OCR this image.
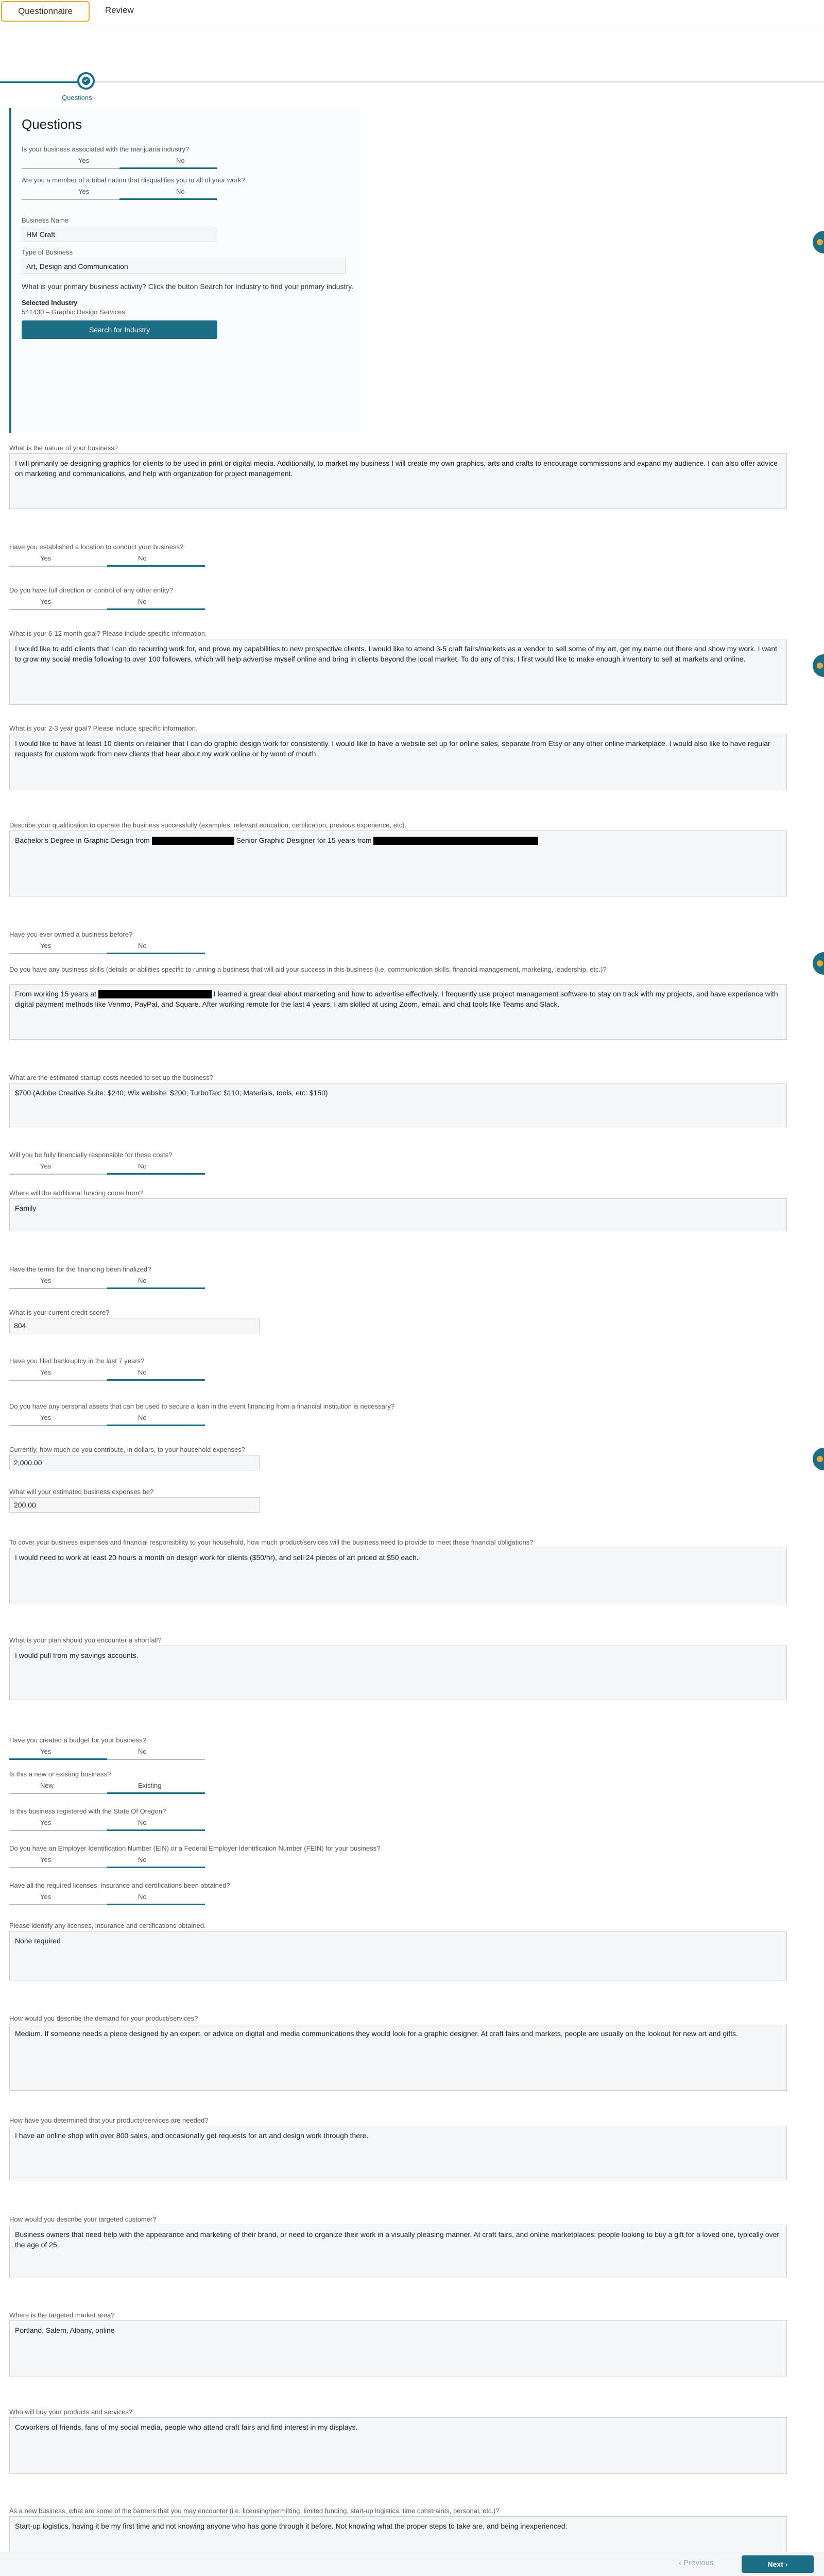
Questionnaire	Review
✔
Questions
Questions
Is your business associated with the marijuana industry?
Yes	No
Are you a member of a tribal nation that disqualifies you to all of your work?
Yes	No
Business Name
HM Craft
Type of Business
Art, Design and Communication
What is your primary business activity? Click the button Search for Industry to find your primary industry.
Selected Industry
541430 – Graphic Design Services
Search for Industry
What is the nature of your business?
I will primarily be designing graphics for clients to be used in print or digital media. Additionally, to market my business I will create my own graphics, arts and crafts to encourage commissions and expand my audience. I can also offer advice on marketing and communications, and help with organization for project management.
Have you established a location to conduct your business?
Yes	No
Do you have full direction or control of any other entity?
Yes	No
What is your 6-12 month goal? Please include specific information.
I would like to add clients that I can do recurring work for, and prove my capabilities to new prospective clients. I would like to attend 3-5 craft fairs/markets as a vendor to sell some of my art, get my name out there and show my work. I want to grow my social media following to over 100 followers, which will help advertise myself online and bring in clients beyond the local market. To do any of this, I first would like to make enough inventory to sell at markets and online.
What is your 2-3 year goal? Please include specific information.
I would like to have at least 10 clients on retainer that I can do graphic design work for consistently. I would like to have a website set up for online sales, separate from Etsy or any other online marketplace. I would also like to have regular requests for custom work from new clients that hear about my work online or by word of mouth.
Describe your qualification to operate the business successfully (examples: relevant education, certification, previous experience, etc).
Bachelor's Degree in Graphic Design from	Senior Graphic Designer for 15 years from
Have you ever owned a business before?
Yes	No
Do you have any business skills (details or abilities specific to running a business that will aid your success in this business (i.e. communication skills, financial management, marketing, leadership, etc.)?
From working 15 years at	I learned a great deal about marketing and how to advertise effectively. I frequently use project management software to stay on track with my projects, and have experience with digital payment methods like Venmo, PayPal, and Square. After working remote for the last 4 years, I am skilled at using Zoom, email, and chat tools like Teams and Slack.
What are the estimated startup costs needed to set up the business?
$700 (Adobe Creative Suite: $240; Wix website: $200; TurboTax: $110; Materials, tools, etc: $150)
Will you be fully financially responsible for these costs?
Yes	No
Where will the additional funding come from?
Family
Have the terms for the financing been finalized?
Yes	No
What is your current credit score?
804
Have you filed bankruptcy in the last 7 years?
Yes	No
Do you have any personal assets that can be used to secure a loan in the event financing from a financial institution is necessary?
Yes	No
Currently, how much do you contribute, in dollars, to your household expenses?
2,000.00
What will your estimated business expenses be?
200.00
To cover your business expenses and financial responsibility to your household, how much product/services will the business need to provide to meet these financial obligations?
I would need to work at least 20 hours a month on design work for clients ($50/hr), and sell 24 pieces of art priced at $50 each.
What is your plan should you encounter a shortfall?
I would pull from my savings accounts.
Have you created a budget for your business?
Yes	No
Is this a new or existing business?
New	Existing
Is this business registered with the State Of Oregon?
Yes	No
Do you have an Employer Identification Number (EIN) or a Federal Employer Identification Number (FEIN) for your business?
Yes	No
Have all the required licenses, insurance and certifications been obtained?
Yes	No
Please identify any licenses, insurance and certifications obtained.
None required
How would you describe the demand for your product/services?
Medium. If someone needs a piece designed by an expert, or advice on digital and media communications they would look for a graphic designer. At craft fairs and markets, people are usually on the lookout for new art and gifts.
How have you determined that your products/services are needed?
I have an online shop with over 800 sales, and occasionally get requests for art and design work through there.
How would you describe your targeted customer?
Business owners that need help with the appearance and marketing of their brand, or need to organize their work in a visually pleasing manner. At craft fairs, and online marketplaces: people looking to buy a gift for a loved one, typically over the age of 25.
Where is the targeted market area?
Portland, Salem, Albany, online
Who will buy your products and services?
Coworkers of friends, fans of my social media, people who attend craft fairs and find interest in my displays.
As a new business, what are some of the barriers that you may encounter (i.e. licensing/permitting, limited funding, start-up logistics, time constraints, personal, etc.)?
Start-up logistics, having it be my first time and not knowing anyone who has gone through it before. Not knowing what the proper steps to take are, and being inexperienced.
‹ Previous	Next ›
